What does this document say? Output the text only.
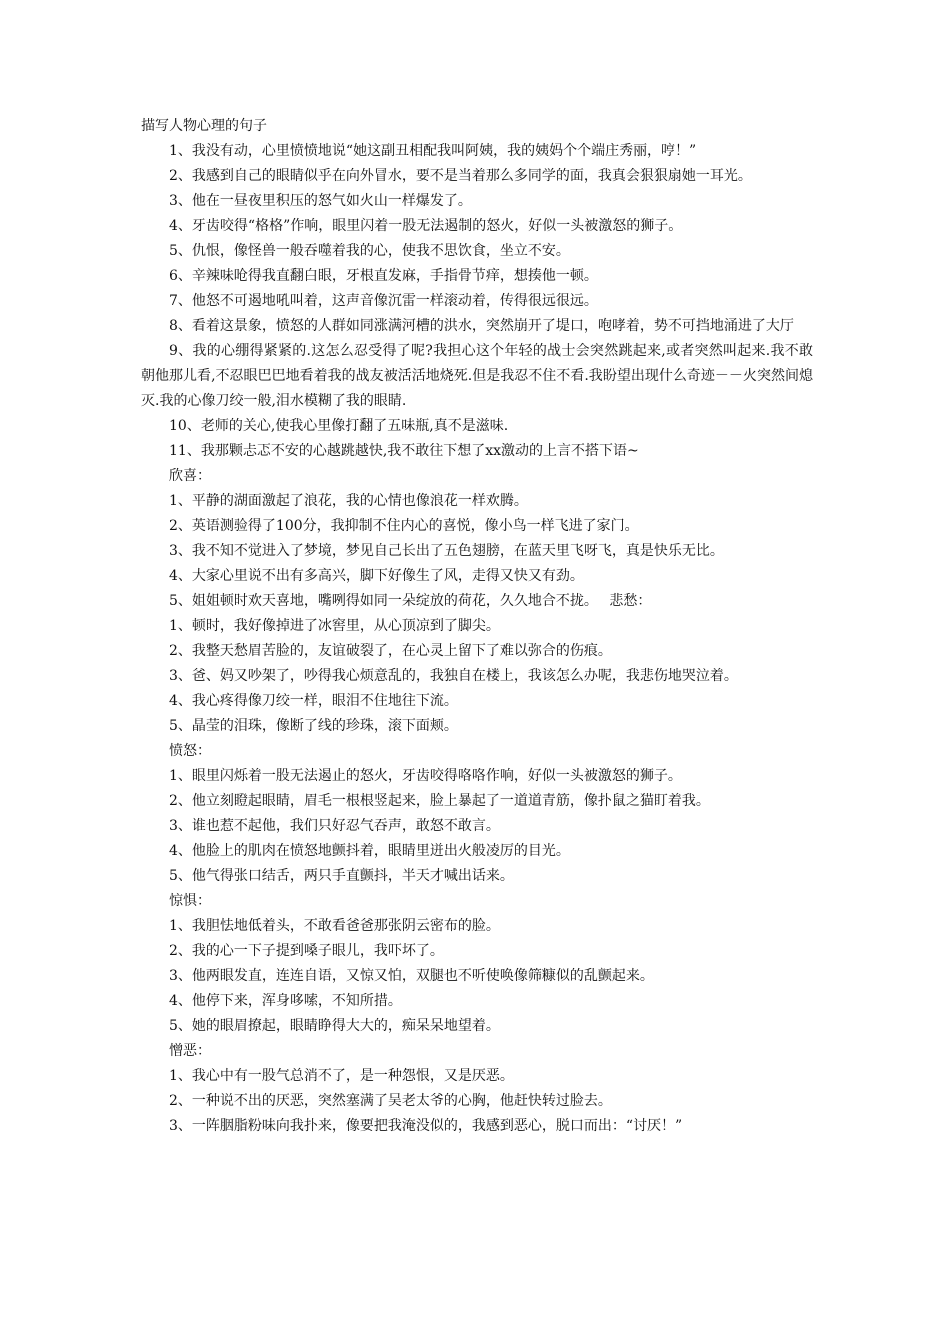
描写人物心理的句子
1、我没有动，心里愤愤地说“她这副丑相配我叫阿姨，我的姨妈个个端庄秀丽，哼！”
2、我感到自己的眼睛似乎在向外冒水，要不是当着那么多同学的面，我真会狠狠扇她一耳光。
3、他在一昼夜里积压的怒气如火山一样爆发了。
4、牙齿咬得“格格”作响，眼里闪着一股无法遏制的怒火，好似一头被激怒的狮子。
5、仇恨，像怪兽一般吞噬着我的心，使我不思饮食，坐立不安。
6、辛辣味呛得我直翻白眼，牙根直发麻，手指骨节痒，想揍他一顿。
7、他怒不可遏地吼叫着，这声音像沉雷一样滚动着，传得很远很远。
8、看着这景象，愤怒的人群如同涨满河槽的洪水，突然崩开了堤口，咆哮着，势不可挡地涌进了大厅
9、我的心绷得紧紧的.这怎么忍受得了呢?我担心这个年轻的战士会突然跳起来,或者突然叫起来.我不敢朝他那儿看,不忍眼巴巴地看着我的战友被活活地烧死.但是我忍不住不看.我盼望出现什么奇迹－－火突然间熄灭.我的心像刀绞一般,泪水模糊了我的眼睛.
10、老师的关心,使我心里像打翻了五味瓶,真不是滋味.
11、我那颗忐忑不安的心越跳越快,我不敢往下想了xx激动的上言不搭下语~
欣喜：
1、平静的湖面激起了浪花，我的心情也像浪花一样欢腾。
2、英语测验得了100分，我抑制不住内心的喜悦，像小鸟一样飞进了家门。
3、我不知不觉进入了梦境，梦见自己长出了五色翅膀，在蓝天里飞呀飞，真是快乐无比。
4、大家心里说不出有多高兴，脚下好像生了风，走得又快又有劲。
5、姐姐顿时欢天喜地，嘴咧得如同一朵绽放的荷花，久久地合不拢。　 悲愁：
1、顿时，我好像掉进了冰窖里，从心顶凉到了脚尖。
2、我整天愁眉苦脸的，友谊破裂了，在心灵上留下了难以弥合的伤痕。
3、爸、妈又吵架了，吵得我心烦意乱的，我独自在楼上，我该怎么办呢，我悲伤地哭泣着。
4、我心疼得像刀绞一样，眼泪不住地往下流。
5、晶莹的泪珠，像断了线的珍珠，滚下面颊。
愤怒：
1、眼里闪烁着一股无法遏止的怒火，牙齿咬得咯咯作响，好似一头被激怒的狮子。
2、他立刻瞪起眼睛，眉毛一根根竖起来，脸上暴起了一道道青筋，像扑鼠之猫盯着我。
3、谁也惹不起他，我们只好忍气吞声，敢怒不敢言。
4、他脸上的肌肉在愤怒地颤抖着，眼睛里迸出火般凌厉的目光。
5、他气得张口结舌，两只手直颤抖，半天才喊出话来。
惊惧：
1、我胆怯地低着头，不敢看爸爸那张阴云密布的脸。
2、我的心一下子提到嗓子眼儿，我吓坏了。
3、他两眼发直，连连自语，又惊又怕，双腿也不听使唤像筛糠似的乱颤起来。
4、他停下来，浑身哆嗦，不知所措。
5、她的眼眉撩起，眼睛睁得大大的，痴呆呆地望着。
憎恶：
1、我心中有一股气总消不了，是一种怨恨，又是厌恶。
2、一种说不出的厌恶，突然塞满了吴老太爷的心胸，他赶快转过脸去。
3、一阵胭脂粉味向我扑来，像要把我淹没似的，我感到恶心，脱口而出：“讨厌！”
